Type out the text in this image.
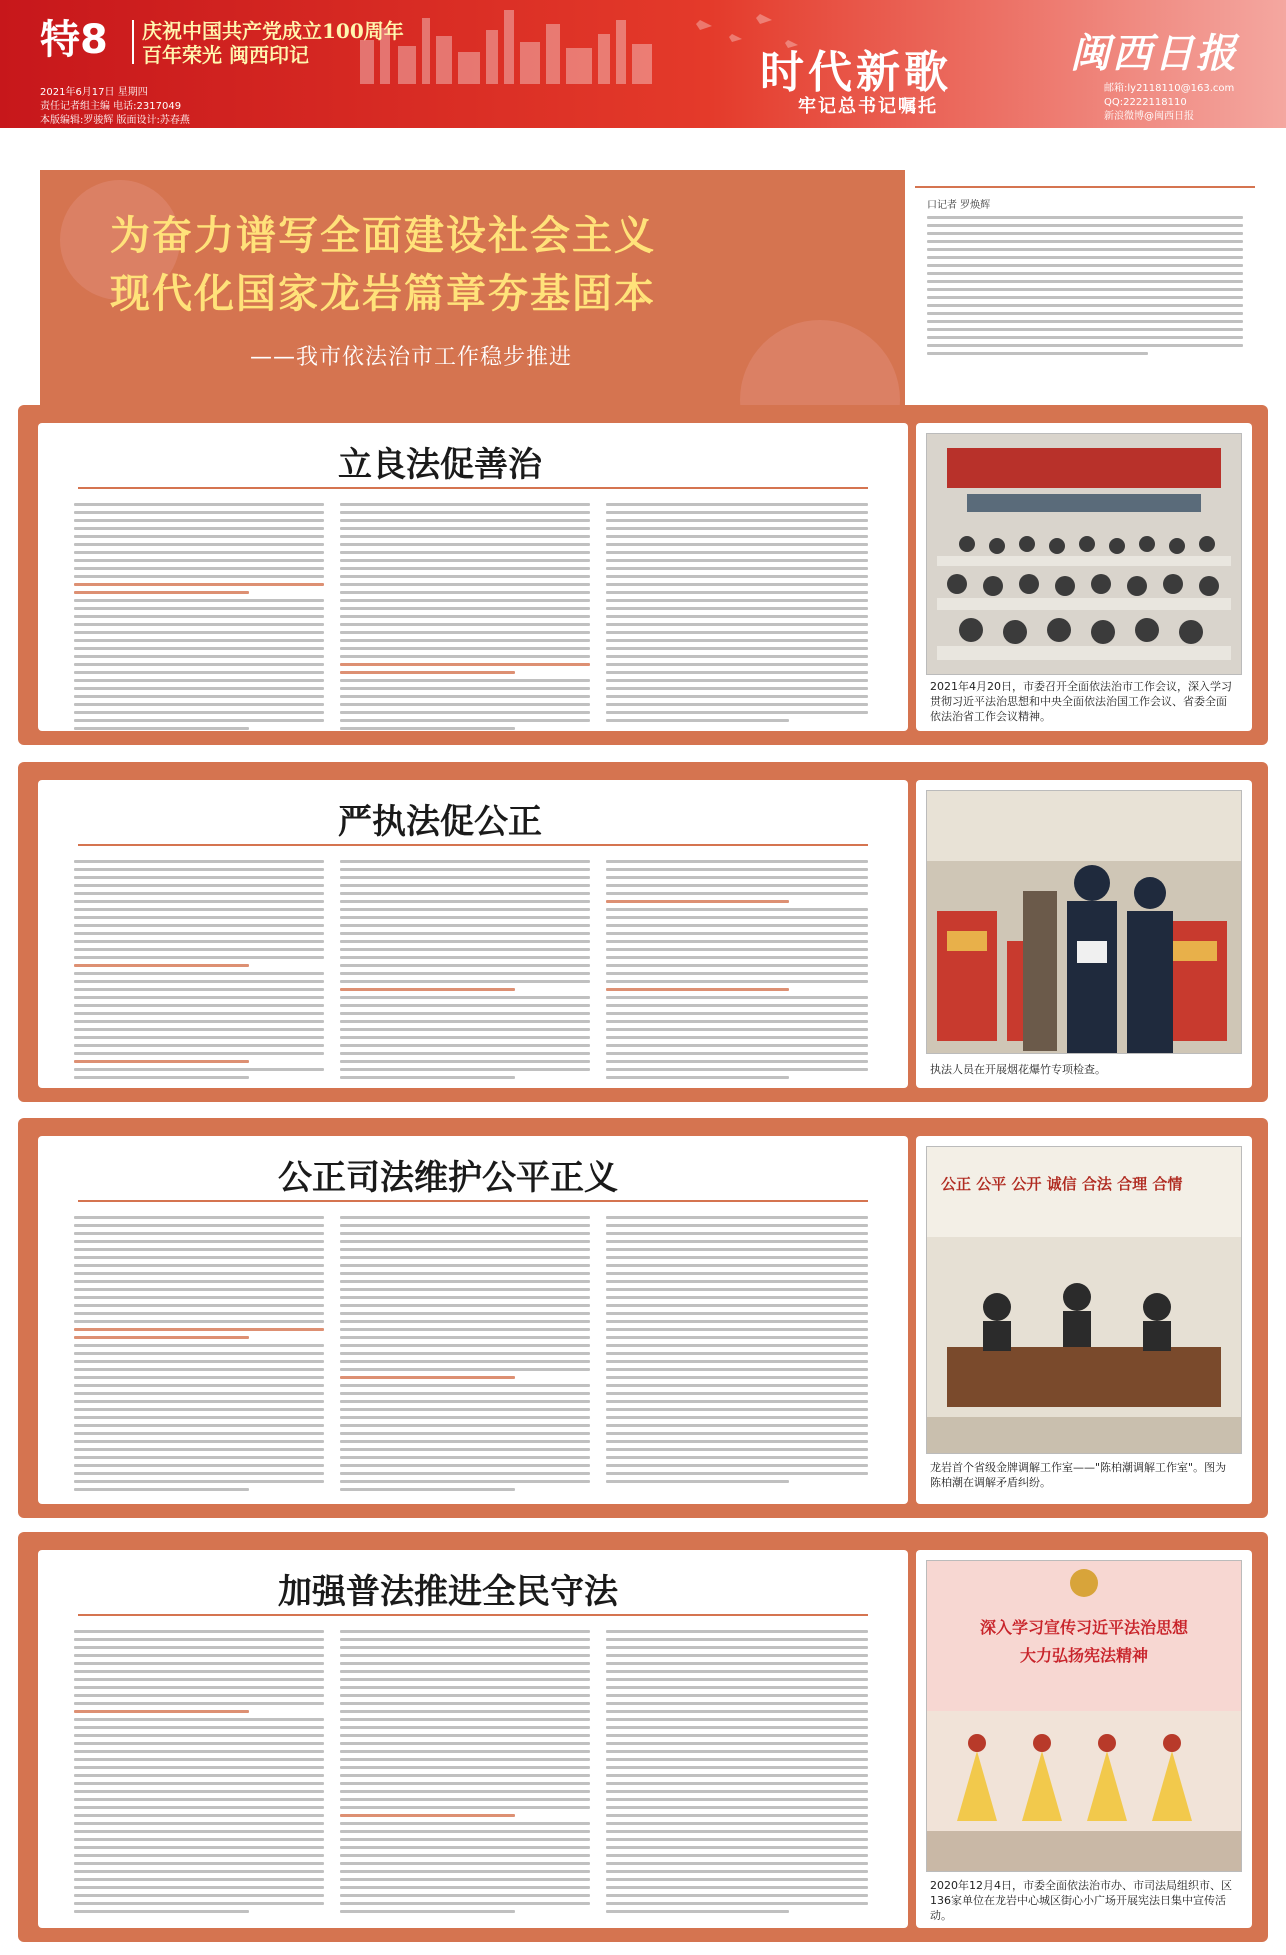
特8 庆祝中国共产党成立100周年
百年荣光 闽西印记
2021年6月17日 星期四
责任记者组主编 电话:2317049
本版编辑:罗骏辉 版面设计:苏春燕
时代新歌
牢记总书记嘱托
闽西日报
邮箱:ly2118110@163.com
QQ:2222118110
新浪微博@闽西日报
为奋力谱写全面建设社会主义
现代化国家龙岩篇章夯基固本
——我市依法治市工作稳步推进
口记者 罗焕辉
立良法促善治
2021年4月20日，市委召开全面依法治市工作会议，深入学习贯彻习近平法治思想和中央全面依法治国工作会议、省委全面依法治省工作会议精神。
严执法促公正
执法人员在开展烟花爆竹专项检查。
公正司法维护公平正义	公正 公平 公开 诚信 合法 合理 合情
龙岩首个省级金牌调解工作室——"陈柏潮调解工作室"。图为陈柏潮在调解矛盾纠纷。
加强普法推进全民守法
深入学习宣传习近平法治思想
大力弘扬宪法精神
2020年12月4日，市委全面依法治市办、市司法局组织市、区136家单位在龙岩中心城区街心小广场开展宪法日集中宣传活动。
